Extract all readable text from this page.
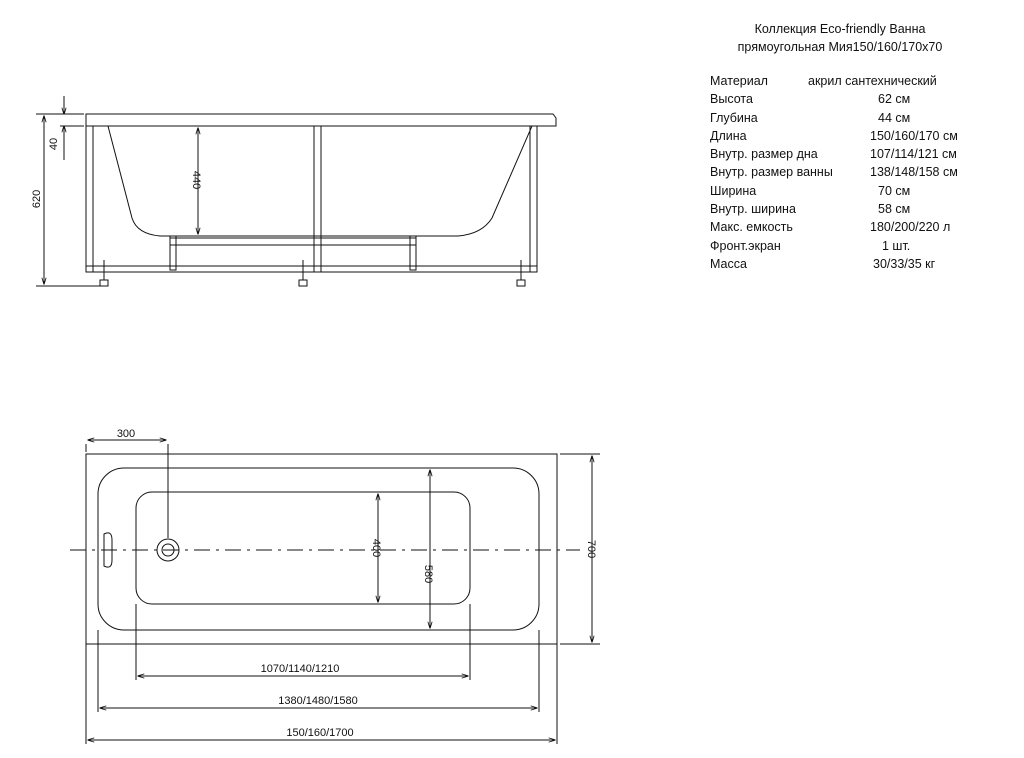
40
620
440
300
400
580
700
1070/1140/1210
1380/1480/1580
150/160/1700
Коллекция Eco-friendly Ванна
прямоугольная Мия150/160/170х70
Материал	акрил сантехнический
Высота	62 см
Глубина	44 см
Длина	150/160/170 см
Внутр. размер дна	107/114/121 см
Внутр. размер ванны	138/148/158 см
Ширина	70 см
Внутр. ширина	58 см
Макс. емкость	180/200/220 л
Фронт.экран	1 шт.
Масса	30/33/35 кг
